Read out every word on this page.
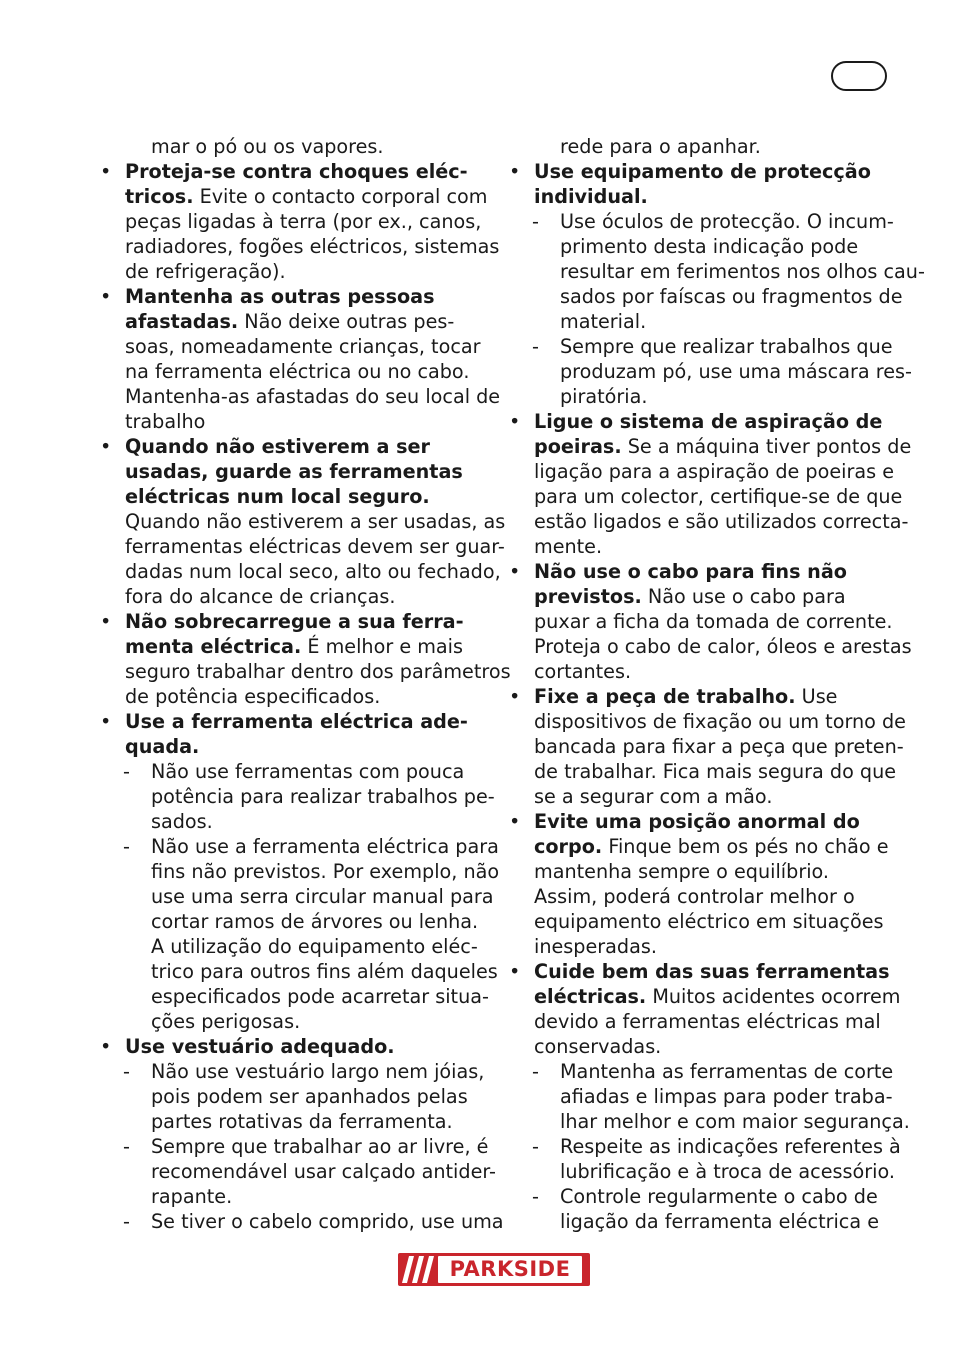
mar o pó ou os vapores.
• Proteja-se contra choques eléc-
tricos. Evite o contacto corporal com
peças ligadas à terra (por ex., canos,
radiadores, fogões eléctricos, sistemas
de refrigeração).
• Mantenha as outras pessoas
afastadas. Não deixe outras pes-
soas, nomeadamente crianças, tocar
na ferramenta eléctrica ou no cabo.
Mantenha-as afastadas do seu local de
trabalho
• Quando não estiverem a ser
usadas, guarde as ferramentas
eléctricas num local seguro.
Quando não estiverem a ser usadas, as
ferramentas eléctricas devem ser guar-
dadas num local seco, alto ou fechado,
fora do alcance de crianças.
• Não sobrecarregue a sua ferra-
menta eléctrica. É melhor e mais
seguro trabalhar dentro dos parâmetros
de potência especificados.
• Use a ferramenta eléctrica ade-
quada.
- Não use ferramentas com pouca
potência para realizar trabalhos pe-
sados.
- Não use a ferramenta eléctrica para
fins não previstos. Por exemplo, não
use uma serra circular manual para
cortar ramos de árvores ou lenha.
A utilização do equipamento eléc-
trico para outros fins além daqueles
especificados pode acarretar situa-
ções perigosas.
• Use vestuário adequado.
- Não use vestuário largo nem jóias,
pois podem ser apanhados pelas
partes rotativas da ferramenta.
- Sempre que trabalhar ao ar livre, é
recomendável usar calçado antider-
rapante.
- Se tiver o cabelo comprido, use uma
rede para o apanhar.
• Use equipamento de protecção
individual.
- Use óculos de protecção. O incum-
primento desta indicação pode
resultar em ferimentos nos olhos cau-
sados por faíscas ou fragmentos de
material.
- Sempre que realizar trabalhos que
produzam pó, use uma máscara res-
piratória.
• Ligue o sistema de aspiração de
poeiras. Se a máquina tiver pontos de
ligação para a aspiração de poeiras e
para um colector, certifique-se de que
estão ligados e são utilizados correcta-
mente.
• Não use o cabo para fins não
previstos. Não use o cabo para
puxar a ficha da tomada de corrente.
Proteja o cabo de calor, óleos e arestas
cortantes.
• Fixe a peça de trabalho. Use
dispositivos de fixação ou um torno de
bancada para fixar a peça que preten-
de trabalhar. Fica mais segura do que
se a segurar com a mão.
• Evite uma posição anormal do
corpo. Finque bem os pés no chão e
mantenha sempre o equilíbrio.
Assim, poderá controlar melhor o
equipamento eléctrico em situações
inesperadas.
• Cuide bem das suas ferramentas
eléctricas. Muitos acidentes ocorrem
devido a ferramentas eléctricas mal
conservadas.
- Mantenha as ferramentas de corte
afiadas e limpas para poder traba-
lhar melhor e com maior segurança.
- Respeite as indicações referentes à
lubrificação e à troca de acessório.
- Controle regularmente o cabo de
ligação da ferramenta eléctrica e
PARKSIDE
